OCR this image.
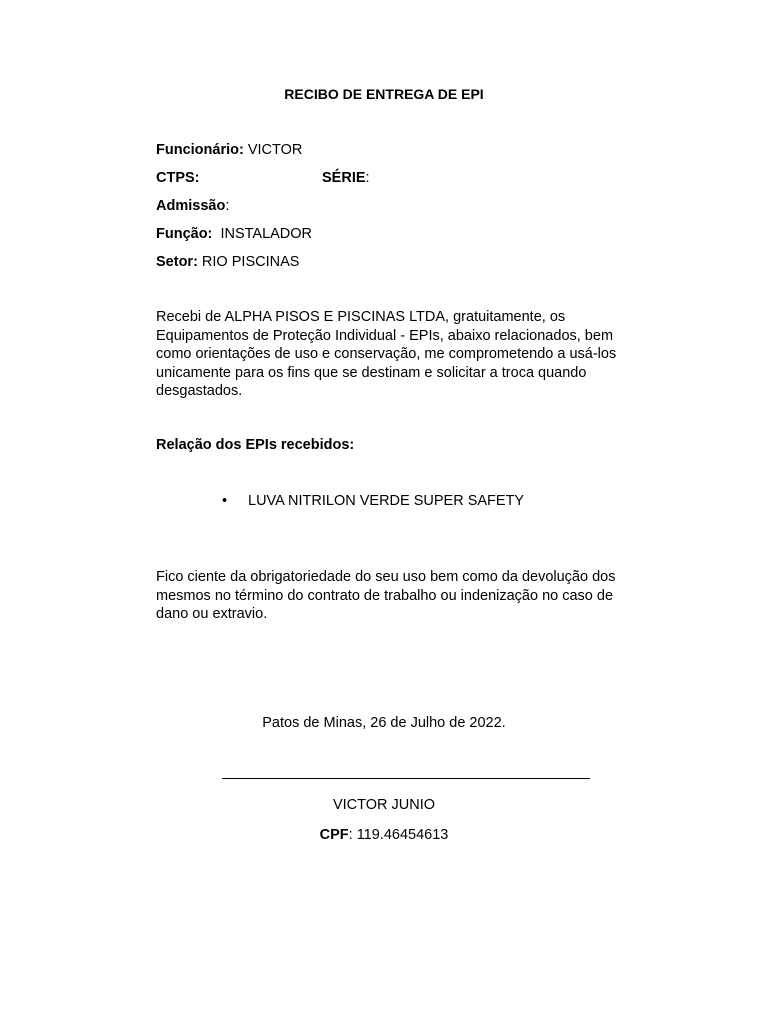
RECIBO DE ENTREGA DE EPI
Funcionário: VICTOR
CTPS:	SÉRIE:
Admissão:
Função:  INSTALADOR
Setor: RIO PISCINAS
Recebi de ALPHA PISOS E PISCINAS LTDA, gratuitamente, os
Equipamentos de Proteção Individual - EPIs, abaixo relacionados, bem
como orientações de uso e conservação, me comprometendo a usá-los
unicamente para os fins que se destinam e solicitar a troca quando
desgastados.
Relação dos EPIs recebidos:
• LUVA NITRILON VERDE SUPER SAFETY
Fico ciente da obrigatoriedade do seu uso bem como da devolução dos
mesmos no término do contrato de trabalho ou indenização no caso de
dano ou extravio.
Patos de Minas, 26 de Julho de 2022.
VICTOR JUNIO
CPF: 119.46454613
